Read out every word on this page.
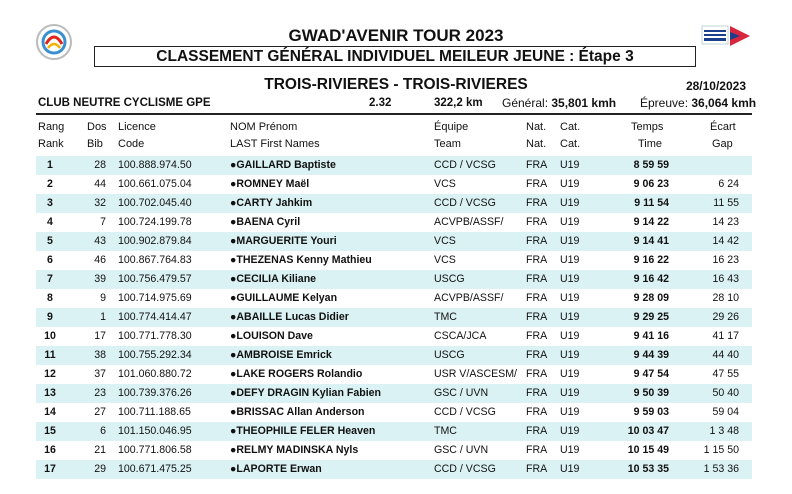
GWAD'AVENIR TOUR 2023
CLASSEMENT GÉNÉRAL INDIVIDUEL MEILEUR JEUNE : Étape 3
TROIS-RIVIERES - TROIS-RIVIERES	28/10/2023
CLUB NEUTRE CYCLISME GPE	2.32	322,2 km Général: 35,801 kmh Épreuve: 36,064 kmh
Rang Dos Licence	NOM Prénom	Équipe	Nat. Cat.	Temps	Écart
Rank Bib Code	LAST First Names	Team	Nat. Cat.	Time	Gap
1	28 100.888.974.50	●GAILLARD Baptiste	CCD / VCSG	FRA U19	8 59 59
2	44 100.661.075.04	●ROMNEY Maël	VCS	FRA U19	9 06 23	6 24
3	32 100.702.045.40	●CARTY Jahkim	CCD / VCSG	FRA U19	9 11 54	11 55
4	7 100.724.199.78	●BAENA Cyril	ACVPB/ASSF/ FRA U19	9 14 22	14 23
5	43 100.902.879.84	●MARGUERITE Youri	VCS	FRA U19	9 14 41	14 42
6	46 100.867.764.83	●THEZENAS Kenny Mathieu	VCS	FRA U19	9 16 22	16 23
7	39 100.756.479.57	●CECILIA Kiliane	USCG	FRA U19	9 16 42	16 43
8	9 100.714.975.69	●GUILLAUME Kelyan	ACVPB/ASSF/ FRA U19	9 28 09	28 10
9	1 100.774.414.47	●ABAILLE Lucas Didier	TMC	FRA U19	9 29 25	29 26
10	17 100.771.778.30	●LOUISON Dave	CSCA/JCA	FRA U19	9 41 16	41 17
11	38 100.755.292.34	●AMBROISE Emrick	USCG	FRA U19	9 44 39	44 40
12	37 101.060.880.72	●LAKE ROGERS Rolandio	USR V/ASCESM/ FRA U19	9 47 54	47 55
13	23 100.739.376.26	●DEFY DRAGIN Kylian Fabien	GSC / UVN	FRA U19	9 50 39	50 40
14	27 100.711.188.65	●BRISSAC Allan Anderson	CCD / VCSG	FRA U19	9 59 03	59 04
15	6 101.150.046.95	●THEOPHILE FELER Heaven	TMC	FRA U19	10 03 47	1 3 48
16	21 100.771.806.58	●RELMY MADINSKA Nyls	GSC / UVN	FRA U19	10 15 49	1 15 50
17	29 100.671.475.25	●LAPORTE Erwan	CCD / VCSG	FRA U19	10 53 35	1 53 36
